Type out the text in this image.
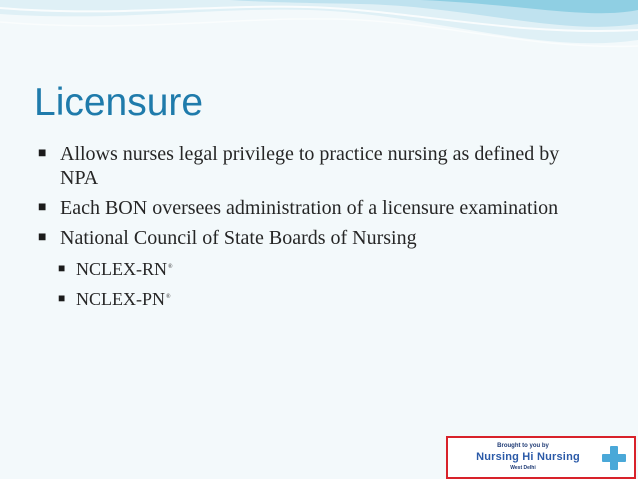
Licensure
■ Allows nurses legal privilege to practice nursing as defined by NPA
■ Each BON oversees administration of a licensure examination
■ National Council of State Boards of Nursing
■ NCLEX-RN®
■ NCLEX-PN®
Brought to you by
Nursing Hi Nursing
West Delhi
